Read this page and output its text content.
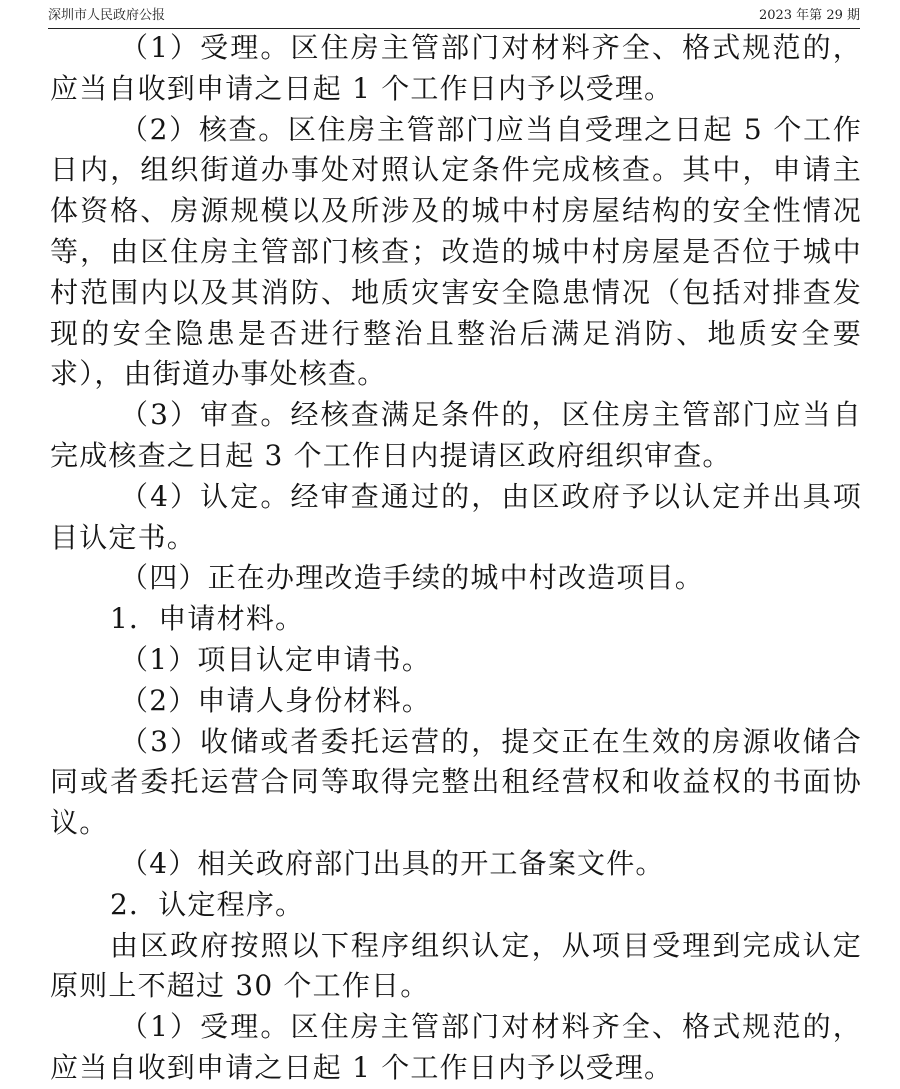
深圳市人民政府公报	2023 年第 29 期

（1）受理。区住房主管部门对材料齐全、格式规范的，应当自收到申请之日起 1 个工作日内予以受理。

（2）核查。区住房主管部门应当自受理之日起 5 个工作日内，组织街道办事处对照认定条件完成核查。其中，申请主体资格、房源规模以及所涉及的城中村房屋结构的安全性情况等，由区住房主管部门核查；改造的城中村房屋是否位于城中村范围内以及其消防、地质灾害安全隐患情况（包括对排查发现的安全隐患是否进行整治且整治后满足消防、地质安全要求），由街道办事处核查。

（3）审查。经核查满足条件的，区住房主管部门应当自完成核查之日起 3 个工作日内提请区政府组织审查。

（4）认定。经审查通过的，由区政府予以认定并出具项目认定书。

（四）正在办理改造手续的城中村改造项目。

1．申请材料。

（1）项目认定申请书。

（2）申请人身份材料。

（3）收储或者委托运营的，提交正在生效的房源收储合同或者委托运营合同等取得完整出租经营权和收益权的书面协议。

（4）相关政府部门出具的开工备案文件。

2．认定程序。

由区政府按照以下程序组织认定，从项目受理到完成认定原则上不超过 30 个工作日。

（1）受理。区住房主管部门对材料齐全、格式规范的，应当自收到申请之日起 1 个工作日内予以受理。
